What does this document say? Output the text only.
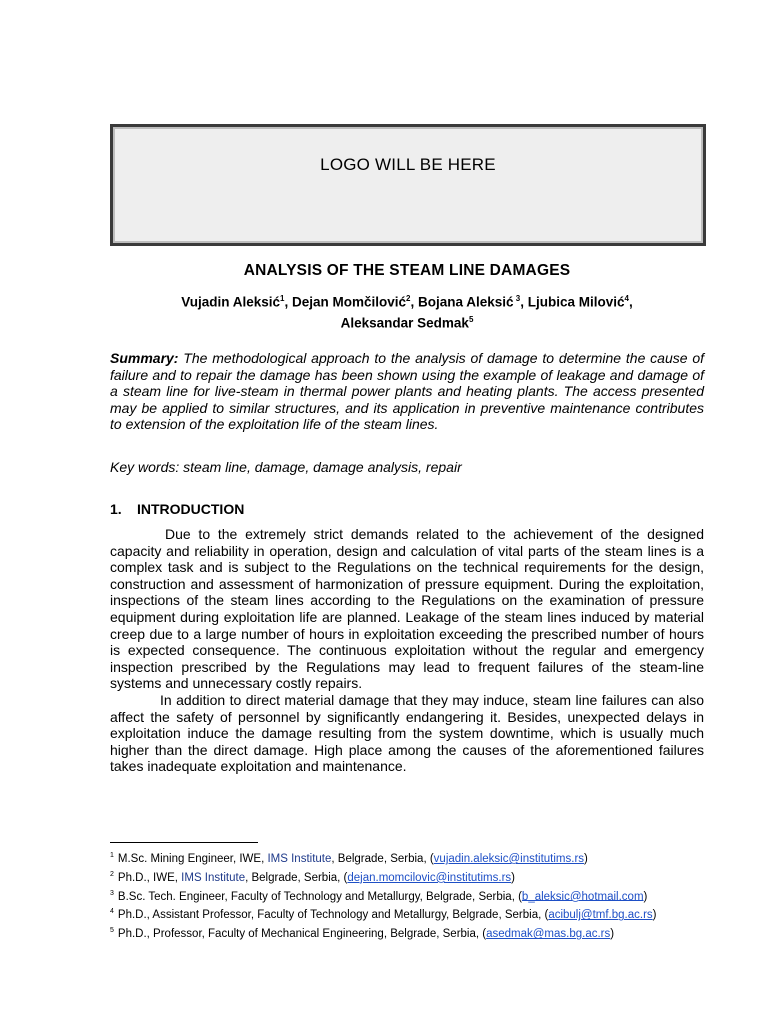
LOGO WILL BE HERE
ANALYSIS OF THE STEAM LINE DAMAGES
Vujadin Aleksić$^1$, Dejan Momčilović$^2$, Bojana Aleksić $^3$, Ljubica Milović$^4$,
Aleksandar Sedmak$^5$
Summary: The methodological approach to the analysis of damage to determine the cause of failure and to repair the damage has been shown using the example of leakage and damage of a steam line for live-steam in thermal power plants and heating plants. The access presented may be applied to similar structures, and its application in preventive maintenance contributes to extension of the exploitation life of the steam lines.
Key words: steam line, damage, damage analysis, repair
1. INTRODUCTION

Due to the extremely strict demands related to the achievement of the designed capacity and reliability in operation, design and calculation of vital parts of the steam lines is a complex task and is subject to the Regulations on the technical requirements for the design, construction and assessment of harmonization of pressure equipment. During the exploitation, inspections of the steam lines according to the Regulations on the examination of pressure equipment during exploitation life are planned. Leakage of the steam lines induced by material creep due to a large number of hours in exploitation exceeding the prescribed number of hours is expected consequence. The continuous exploitation without the regular and emergency inspection prescribed by the Regulations may lead to frequent failures of the steam-line systems and unnecessary costly repairs.

In addition to direct material damage that they may induce, steam line failures can also affect the safety of personnel by significantly endangering it. Besides, unexpected delays in exploitation induce the damage resulting from the system downtime, which is usually much higher than the direct damage. High place among the causes of the aforementioned failures takes inadequate exploitation and maintenance.

$^1$ M.Sc. Mining Engineer, IWE, IMS Institute, Belgrade, Serbia, (vujadin.aleksic@institutims.rs)
$^2$ Ph.D., IWE, IMS Institute, Belgrade, Serbia, (dejan.momcilovic@institutims.rs)
$^3$ B.Sc. Tech. Engineer, Faculty of Technology and Metallurgy, Belgrade, Serbia, (b_aleksic@hotmail.com)
$^4$ Ph.D., Assistant Professor, Faculty of Technology and Metallurgy, Belgrade, Serbia, (acibulj@tmf.bg.ac.rs)
$^5$ Ph.D., Professor, Faculty of Mechanical Engineering, Belgrade, Serbia, (asedmak@mas.bg.ac.rs)
